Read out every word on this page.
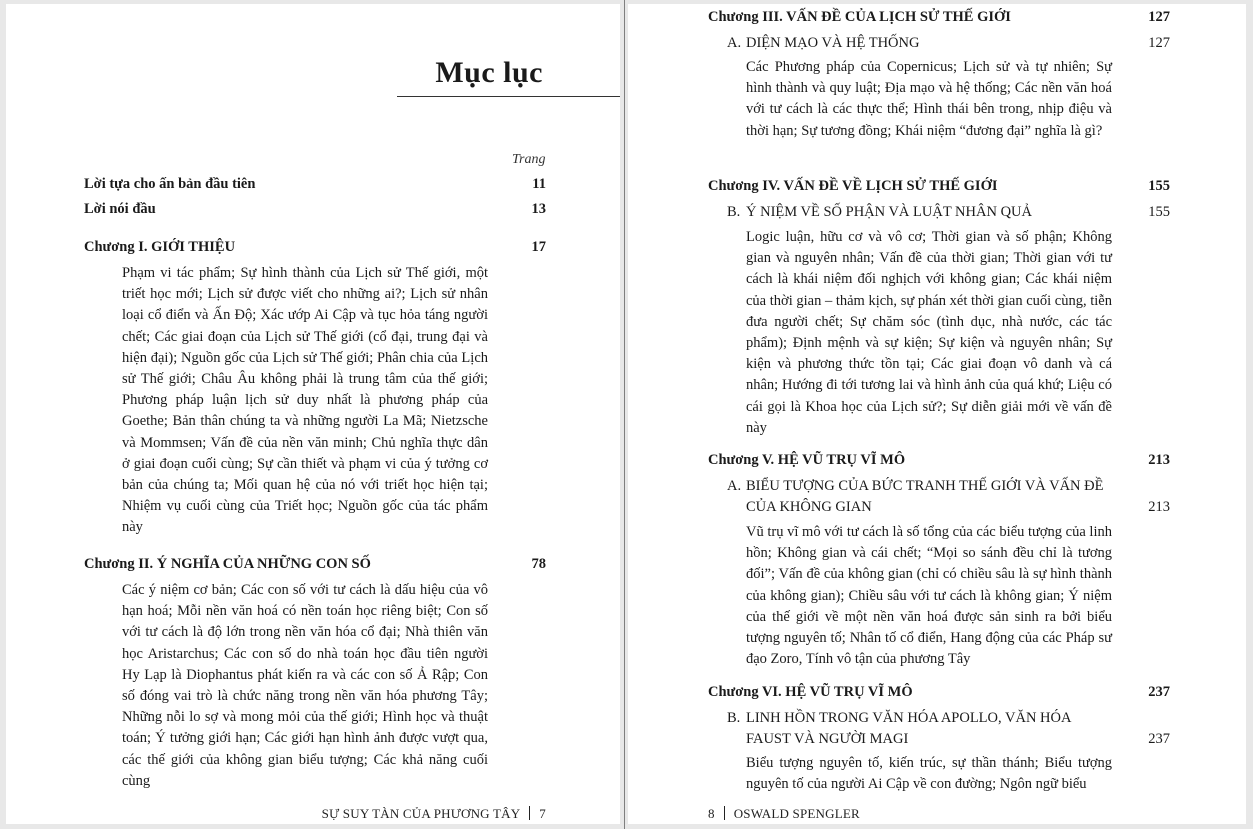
Mục lục
Trang
Lời tựa cho ấn bản đầu tiên	11
Lời nói đầu	13
Chương I. GIỚI THIỆU	17
Phạm vi tác phẩm; Sự hình thành của Lịch sử Thế giới, một triết học mới; Lịch sử được viết cho những ai?; Lịch sử nhân loại cổ điển và Ấn Độ; Xác ướp Ai Cập và tục hỏa táng người chết; Các giai đoạn của Lịch sử Thế giới (cổ đại, trung đại và hiện đại); Nguồn gốc của Lịch sử Thế giới; Phân chia của Lịch sử Thế giới; Châu Âu không phải là trung tâm của thế giới; Phương pháp luận lịch sử duy nhất là phương pháp của Goethe; Bản thân chúng ta và những người La Mã; Nietzsche và Mommsen; Vấn đề của nền văn minh; Chủ nghĩa thực dân ở giai đoạn cuối cùng; Sự cần thiết và phạm vi của ý tưởng cơ bản của chúng ta; Mối quan hệ của nó với triết học hiện tại; Nhiệm vụ cuối cùng của Triết học; Nguồn gốc của tác phẩm này
Chương II. Ý NGHĨA CỦA NHỮNG CON SỐ	78
Các ý niệm cơ bản; Các con số với tư cách là dấu hiệu của vô hạn hoá; Mỗi nền văn hoá có nền toán học riêng biệt; Con số với tư cách là độ lớn trong nền văn hóa cổ đại; Nhà thiên văn học Aristarchus; Các con số do nhà toán học đầu tiên người Hy Lạp là Diophantus phát kiến ra và các con số Ả Rập; Con số đóng vai trò là chức năng trong nền văn hóa phương Tây; Những nỗi lo sợ và mong mỏi của thế giới; Hình học và thuật toán; Ý tưởng giới hạn; Các giới hạn hình ảnh được vượt qua, các thế giới của không gian biểu tượng; Các khả năng cuối cùng
SỰ SUY TÀN CỦA PHƯƠNG TÂY 7
Chương III. VẤN ĐỀ CỦA LỊCH SỬ THẾ GIỚI	127
A. DIỆN MẠO VÀ HỆ THỐNG	127
Các Phương pháp của Copernicus; Lịch sử và tự nhiên; Sự hình thành và quy luật; Địa mạo và hệ thống; Các nền văn hoá với tư cách là các thực thể; Hình thái bên trong, nhịp điệu và thời hạn; Sự tương đồng; Khái niệm “đương đại” nghĩa là gì?
Chương IV. VẤN ĐỀ VỀ LỊCH SỬ THẾ GIỚI	155
B. Ý NIỆM VỀ SỐ PHẬN VÀ LUẬT NHÂN QUẢ	155
Logic luận, hữu cơ và vô cơ; Thời gian và số phận; Không gian và nguyên nhân; Vấn đề của thời gian; Thời gian với tư cách là khái niệm đối nghịch với không gian; Các khái niệm của thời gian – thảm kịch, sự phán xét thời gian cuối cùng, tiễn đưa người chết; Sự chăm sóc (tình dục, nhà nước, các tác phẩm); Định mệnh và sự kiện; Sự kiện và nguyên nhân; Sự kiện và phương thức tồn tại; Các giai đoạn vô danh và cá nhân; Hướng đi tới tương lai và hình ảnh của quá khứ; Liệu có cái gọi là Khoa học của Lịch sử?; Sự diễn giải mới về vấn đề này
Chương V. HỆ VŨ TRỤ VĨ MÔ	213
A. BIỂU TƯỢNG CỦA BỨC TRANH THẾ GIỚI VÀ VẤN ĐỀ CỦA KHÔNG GIAN	213
Vũ trụ vĩ mô với tư cách là số tổng của các biểu tượng của linh hồn; Không gian và cái chết; “Mọi so sánh đều chỉ là tương đối”; Vấn đề của không gian (chỉ có chiều sâu là sự hình thành của không gian); Chiều sâu với tư cách là không gian; Ý niệm của thế giới về một nền văn hoá được sản sinh ra bởi biểu tượng nguyên tố; Nhân tố cổ điển, Hang động của các Pháp sư đạo Zoro, Tính vô tận của phương Tây
Chương VI. HỆ VŨ TRỤ VĨ MÔ	237
B. LINH HỒN TRONG VĂN HÓA APOLLO, VĂN HÓA FAUST VÀ NGƯỜI MAGI	237
Biểu tượng nguyên tố, kiến trúc, sự thần thánh; Biểu tượng nguyên tố của người Ai Cập về con đường; Ngôn ngữ biểu
8 OSWALD SPENGLER
